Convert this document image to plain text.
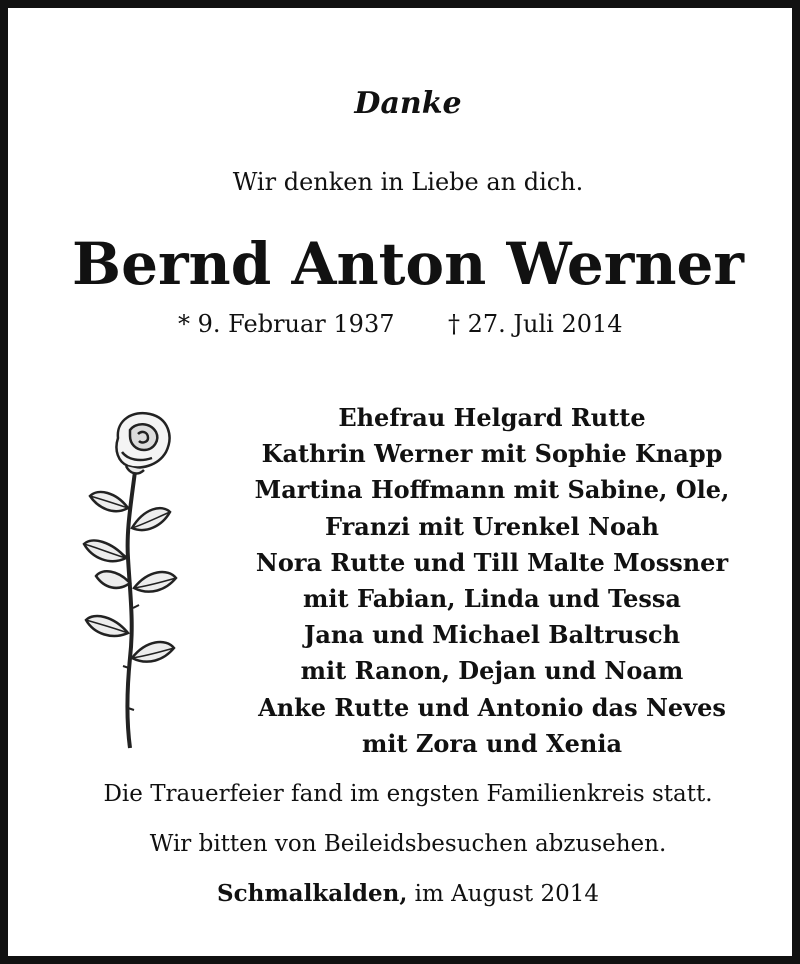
Danke
Wir denken in Liebe an dich.
Bernd Anton Werner
* 9. Februar 1937 † 27. Juli 2014
Ehefrau Helgard Rutte
Kathrin Werner mit Sophie Knapp
Martina Hoffmann mit Sabine, Ole,
Franzi mit Urenkel Noah
Nora Rutte und Till Malte Mossner
mit Fabian, Linda und Tessa
Jana und Michael Baltrusch
mit Ranon, Dejan und Noam
Anke Rutte und Antonio das Neves
mit Zora und Xenia
Die Trauerfeier fand im engsten Familienkreis statt.
Wir bitten von Beileidsbesuchen abzusehen.
Schmalkalden, im August 2014
